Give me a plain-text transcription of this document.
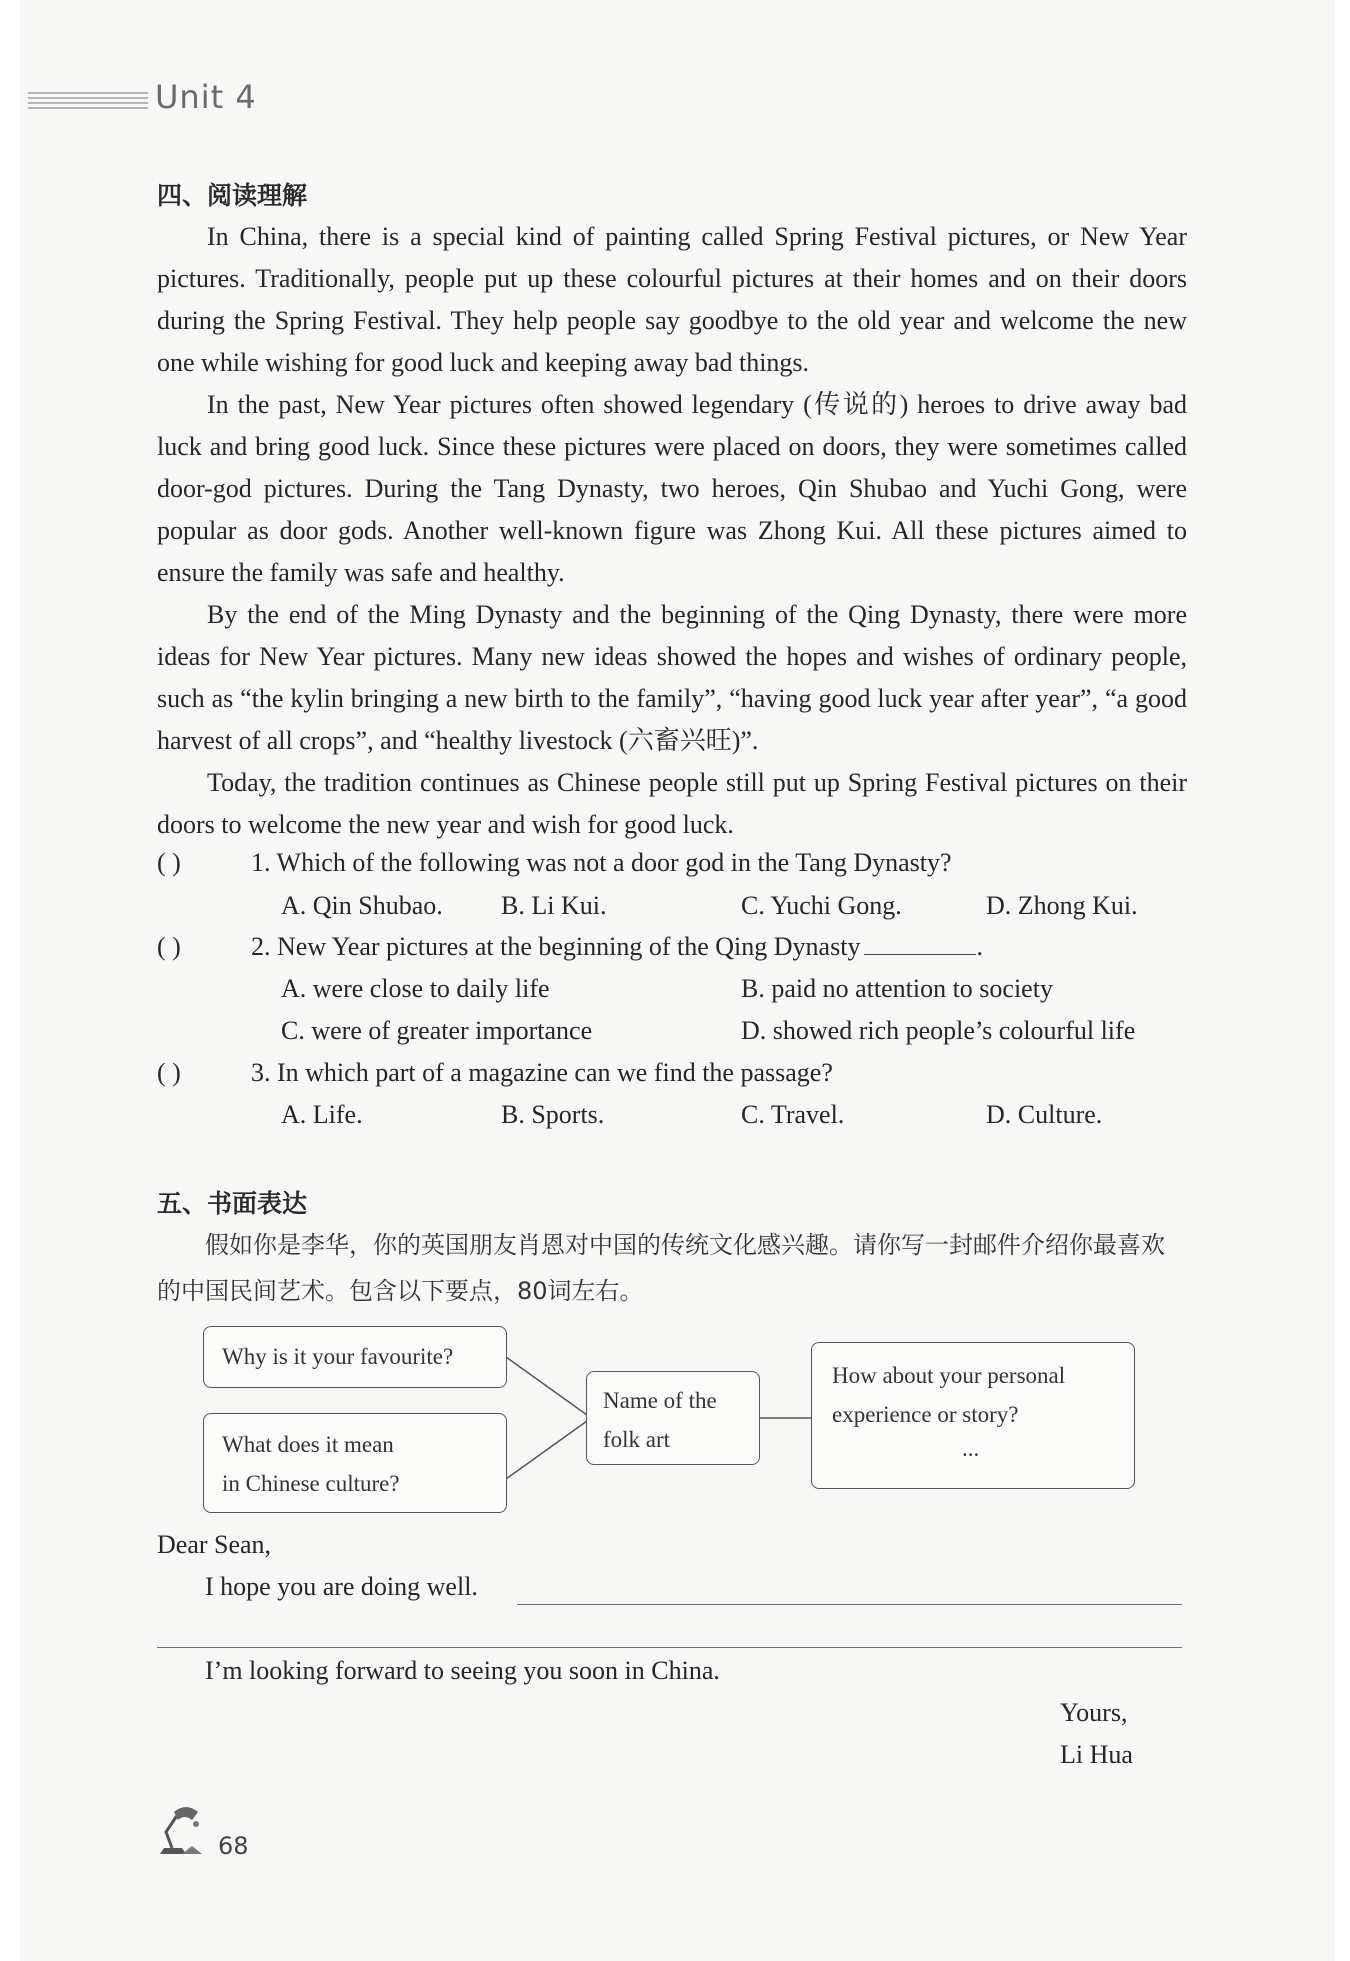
Unit 4
四、阅读理解

In China, there is a special kind of painting called Spring Festival pictures, or New Year pictures. Traditionally, people put up these colourful pictures at their homes and on their doors during the Spring Festival. They help people say goodbye to the old year and welcome the new one while wishing for good luck and keeping away bad things.

In the past, New Year pictures often showed legendary (传说的) heroes to drive away bad luck and bring good luck. Since these pictures were placed on doors, they were sometimes called door-god pictures. During the Tang Dynasty, two heroes, Qin Shubao and Yuchi Gong, were popular as door gods. Another well-known figure was Zhong Kui. All these pictures aimed to ensure the family was safe and healthy.

By the end of the Ming Dynasty and the beginning of the Qing Dynasty, there were more ideas for New Year pictures. Many new ideas showed the hopes and wishes of ordinary people, such as “the kylin bringing a new birth to the family”, “having good luck year after year”, “a good harvest of all crops”, and “healthy livestock (六畜兴旺)”.

Today, the tradition continues as Chinese people still put up Spring Festival pictures on their doors to welcome the new year and wish for good luck.

( )	1. Which of the following was not a door god in the Tang Dynasty?
A. Qin Shubao. B. Li Kui.	C. Yuchi Gong.	D. Zhong Kui.
( )	2. New Year pictures at the beginning of the Qing Dynasty	.
A. were close to daily life	B. paid no attention to society
C. were of greater importance	D. showed rich people’s colourful life
( )	3. In which part of a magazine can we find the passage?
A. Life.	B. Sports.	C. Travel.	D. Culture.
五、书面表达

假如你是李华，你的英国朋友肖恩对中国的传统文化感兴趣。请你写一封邮件介绍你最喜欢的中国民间艺术。包含以下要点，80词左右。

Why is it your favourite?
What does it mean
in Chinese culture?
Name of the
folk art
How about your personal
experience or story?
...
Dear Sean,
I hope you are doing well.
I’m looking forward to seeing you soon in China.
Yours,
Li Hua
68
